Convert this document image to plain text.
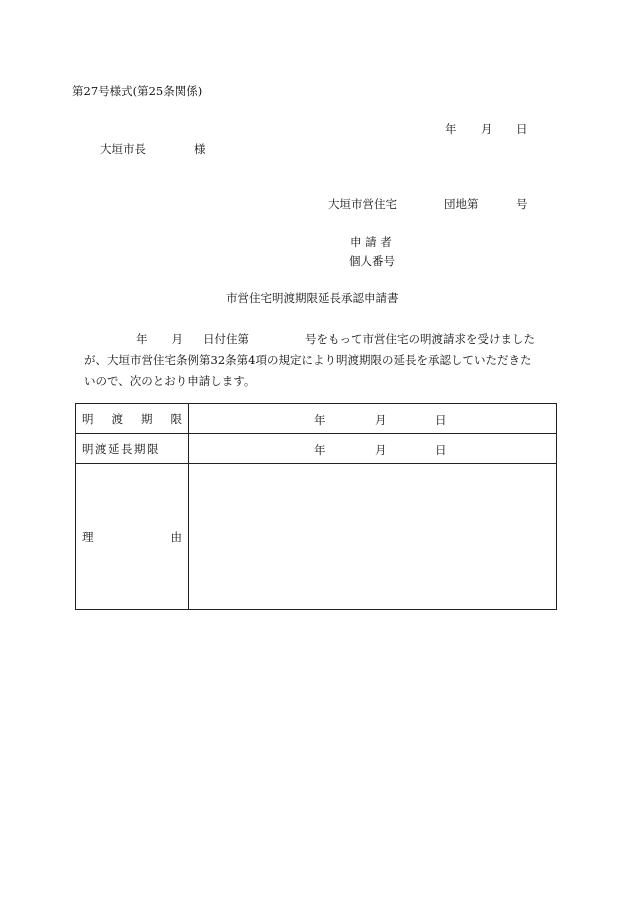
第27号様式(第25条関係)
年 月 日
大垣市長	様
大垣市営住宅	団地第	号
申 請 者
個人番号
市営住宅明渡期限延長承認申請書
年 月 日付住第	号をもって市営住宅の明渡請求を受けました
が、大垣市営住宅条例第32条第4項の規定により明渡期限の延長を承認していただきた
いので、次のとおり申請します。
明 渡 期 限	年 月 日

明渡延長期限	年 月 日

理 由	
